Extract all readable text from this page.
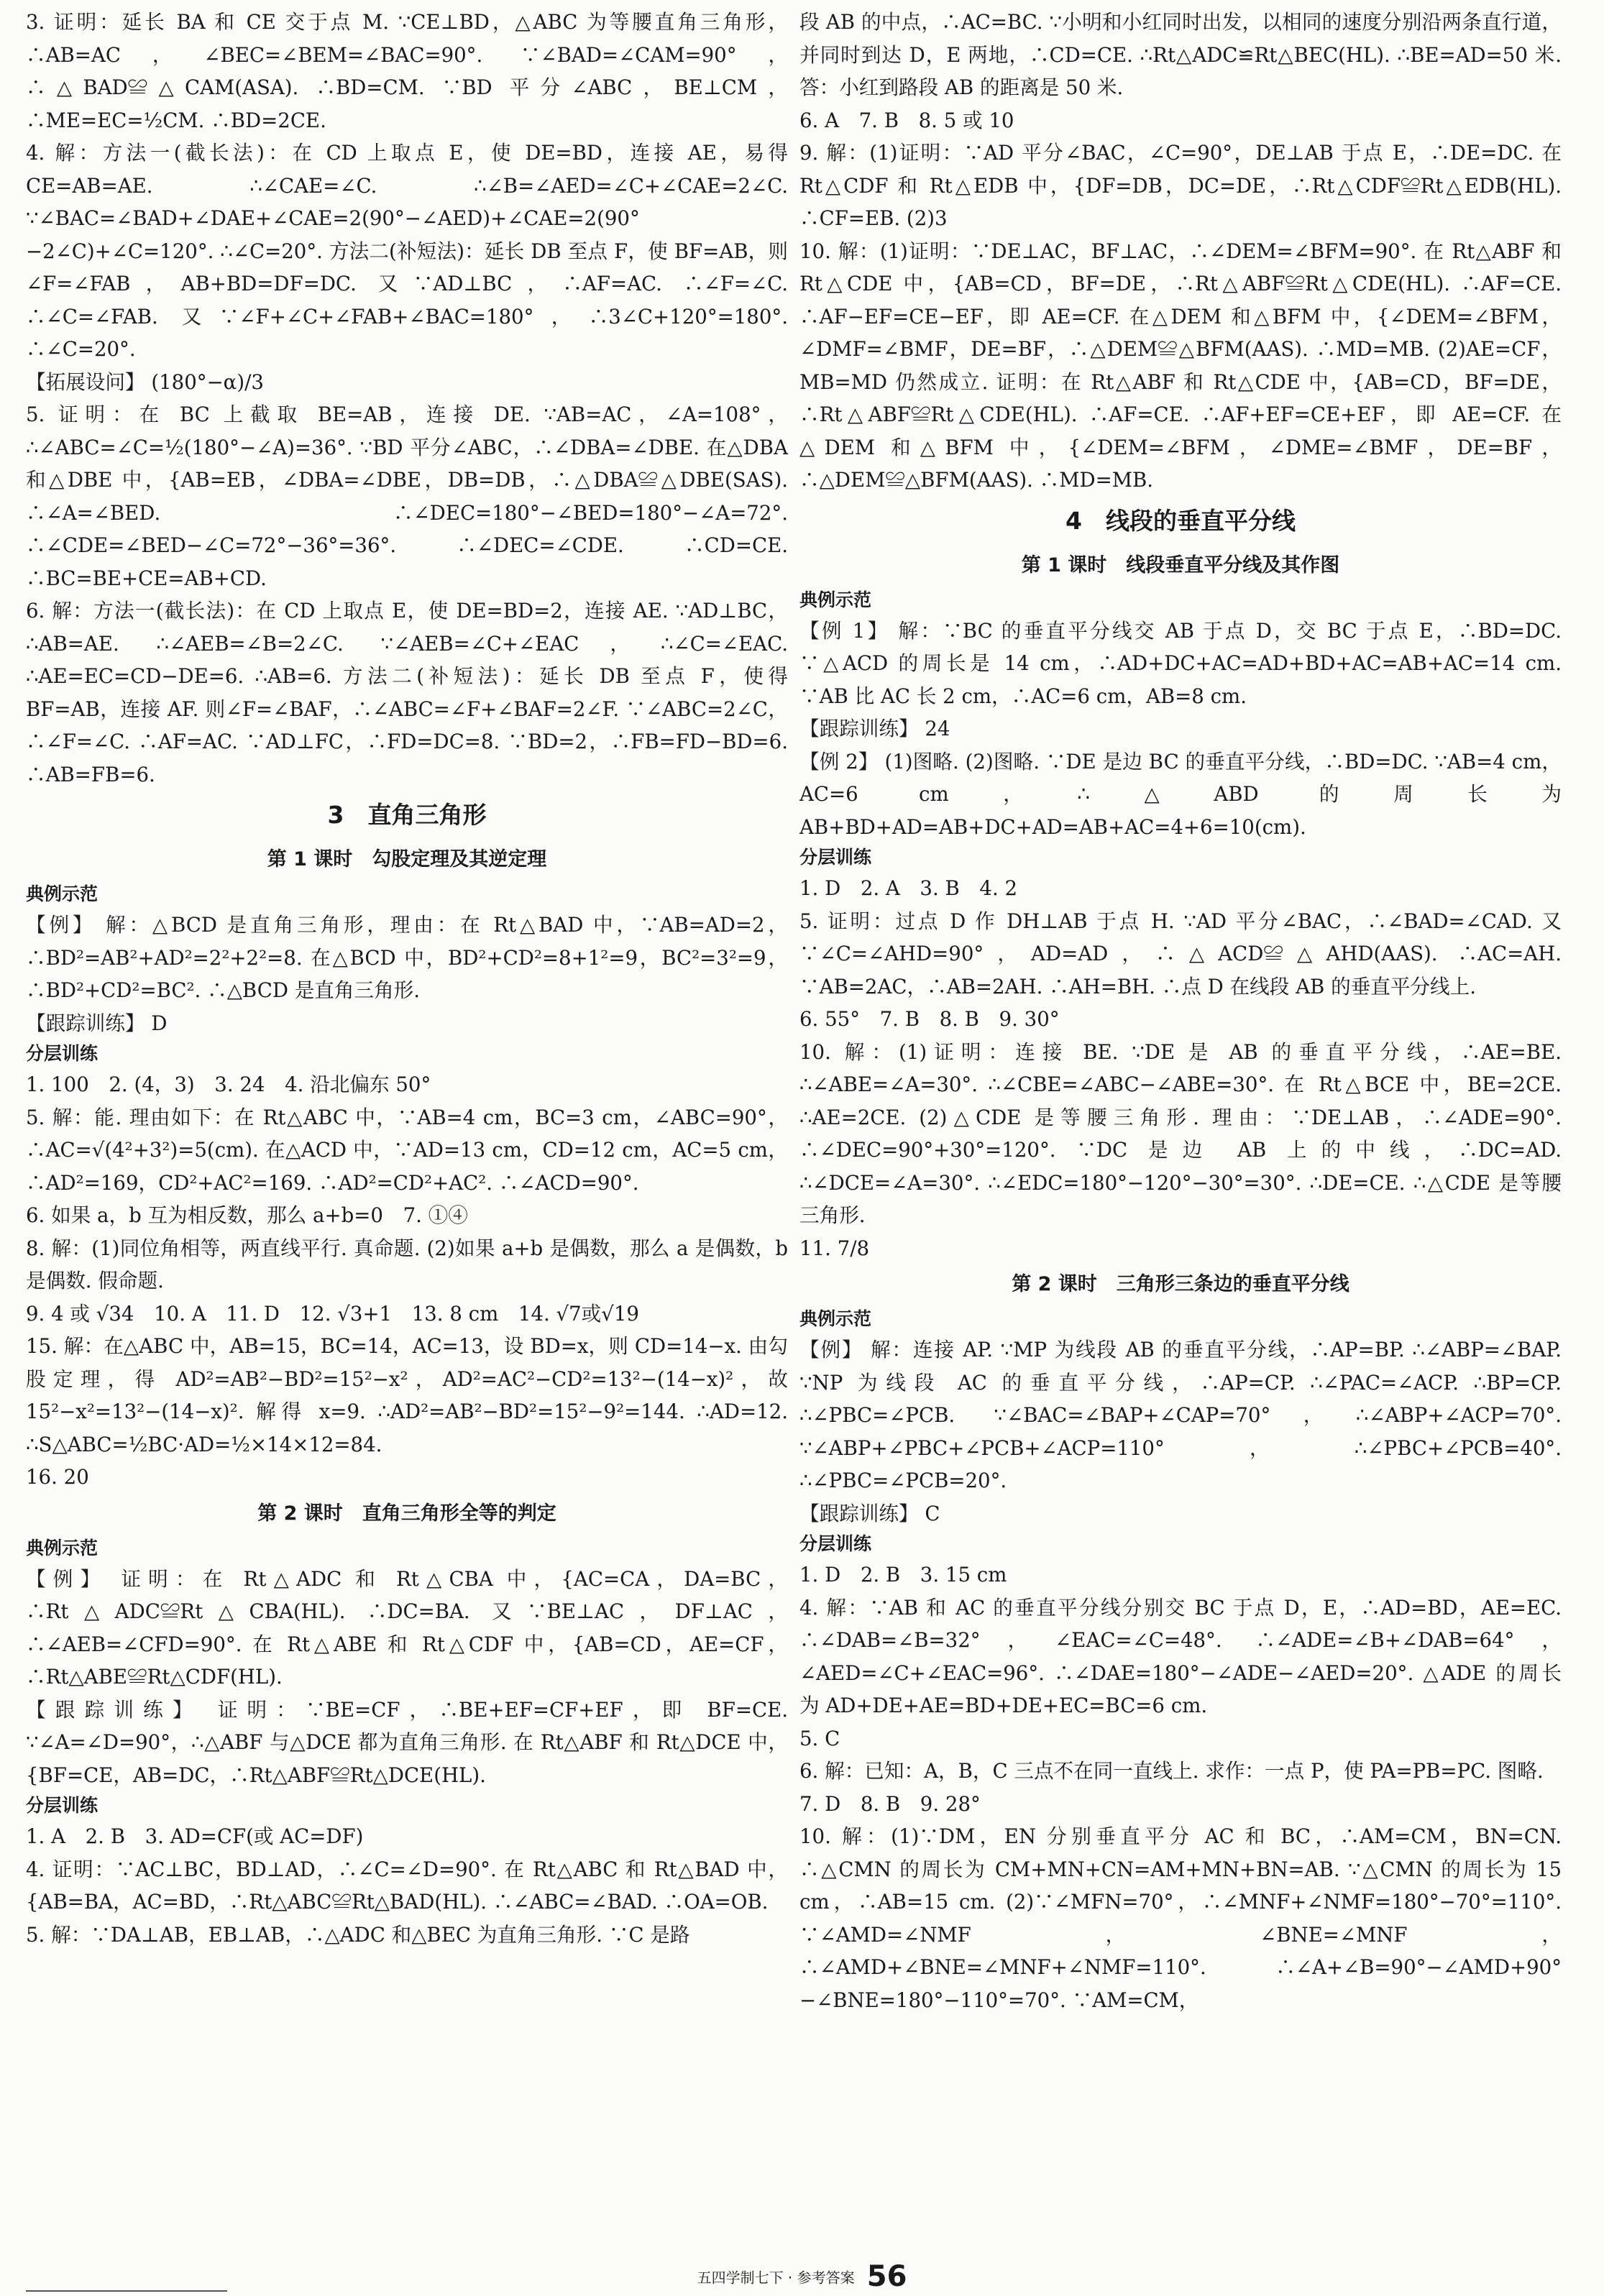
3. 证明：延长 BA 和 CE 交于点 M. ∵CE⊥BD，△ABC 为等腰直角三角形，∴AB=AC，∠BEC=∠BEM=∠BAC=90°. ∵∠BAD=∠CAM=90°，∴△BAD≌△CAM(ASA). ∴BD=CM. ∵BD 平分∠ABC，BE⊥CM，∴ME=EC=½CM. ∴BD=2CE.
4. 解：方法一(截长法)：在 CD 上取点 E，使 DE=BD，连接 AE，易得 CE=AB=AE. ∴∠CAE=∠C. ∴∠B=∠AED=∠C+∠CAE=2∠C. ∵∠BAC=∠BAD+∠DAE+∠CAE=2(90°−∠AED)+∠CAE=2(90°−2∠C)+∠C=120°. ∴∠C=20°. 方法二(补短法)：延长 DB 至点 F，使 BF=AB，则∠F=∠FAB，AB+BD=DF=DC. 又∵AD⊥BC，∴AF=AC. ∴∠F=∠C. ∴∠C=∠FAB. 又∵∠F+∠C+∠FAB+∠BAC=180°，∴3∠C+120°=180°. ∴∠C=20°.
【拓展设问】 (180°−α)/3
5. 证明：在 BC 上截取 BE=AB，连接 DE. ∵AB=AC，∠A=108°，∴∠ABC=∠C=½(180°−∠A)=36°. ∵BD 平分∠ABC，∴∠DBA=∠DBE. 在△DBA 和△DBE 中，{AB=EB，∠DBA=∠DBE，DB=DB，∴△DBA≌△DBE(SAS). ∴∠A=∠BED. ∴∠DEC=180°−∠BED=180°−∠A=72°. ∴∠CDE=∠BED−∠C=72°−36°=36°. ∴∠DEC=∠CDE. ∴CD=CE. ∴BC=BE+CE=AB+CD.
6. 解：方法一(截长法)：在 CD 上取点 E，使 DE=BD=2，连接 AE. ∵AD⊥BC，∴AB=AE. ∴∠AEB=∠B=2∠C. ∵∠AEB=∠C+∠EAC，∴∠C=∠EAC. ∴AE=EC=CD−DE=6. ∴AB=6. 方法二(补短法)：延长 DB 至点 F，使得 BF=AB，连接 AF. 则∠F=∠BAF，∴∠ABC=∠F+∠BAF=2∠F. ∵∠ABC=2∠C，∴∠F=∠C. ∴AF=AC. ∵AD⊥FC，∴FD=DC=8. ∵BD=2，∴FB=FD−BD=6. ∴AB=FB=6.
3　直角三角形
第 1 课时　勾股定理及其逆定理
典例示范
【例】 解：△BCD 是直角三角形，理由：在 Rt△BAD 中，∵AB=AD=2，∴BD²=AB²+AD²=2²+2²=8. 在△BCD 中，BD²+CD²=8+1²=9，BC²=3²=9，∴BD²+CD²=BC². ∴△BCD 是直角三角形.
【跟踪训练】 D
分层训练
1. 100　2. (4，3)　3. 24　4. 沿北偏东 50°
5. 解：能. 理由如下：在 Rt△ABC 中，∵AB=4 cm，BC=3 cm，∠ABC=90°，∴AC=√(4²+3²)=5(cm). 在△ACD 中，∵AD=13 cm，CD=12 cm，AC=5 cm，∴AD²=169，CD²+AC²=169. ∴AD²=CD²+AC². ∴∠ACD=90°.
6. 如果 a，b 互为相反数，那么 a+b=0　7. ①④
8. 解：(1)同位角相等，两直线平行. 真命题. (2)如果 a+b 是偶数，那么 a 是偶数，b 是偶数. 假命题.
9. 4 或 √34　10. A　11. D　12. √3+1　13. 8 cm　14. √7或√19
15. 解：在△ABC 中，AB=15，BC=14，AC=13，设 BD=x，则 CD=14−x. 由勾股定理，得 AD²=AB²−BD²=15²−x²，AD²=AC²−CD²=13²−(14−x)²，故 15²−x²=13²−(14−x)². 解得 x=9. ∴AD²=AB²−BD²=15²−9²=144. ∴AD=12. ∴S△ABC=½BC·AD=½×14×12=84.
16. 20
第 2 课时　直角三角形全等的判定
典例示范
【例】 证明：在 Rt△ADC 和 Rt△CBA 中，{AC=CA，DA=BC，∴Rt△ADC≌Rt△CBA(HL). ∴DC=BA. 又∵BE⊥AC，DF⊥AC，∴∠AEB=∠CFD=90°. 在 Rt△ABE 和 Rt△CDF 中，{AB=CD，AE=CF，∴Rt△ABE≌Rt△CDF(HL).
【跟踪训练】 证明：∵BE=CF，∴BE+EF=CF+EF，即 BF=CE. ∵∠A=∠D=90°，∴△ABF 与△DCE 都为直角三角形. 在 Rt△ABF 和 Rt△DCE 中，{BF=CE，AB=DC，∴Rt△ABF≌Rt△DCE(HL).
分层训练
1. A　2. B　3. AD=CF(或 AC=DF)
4. 证明：∵AC⊥BC，BD⊥AD，∴∠C=∠D=90°. 在 Rt△ABC 和 Rt△BAD 中，{AB=BA，AC=BD，∴Rt△ABC≌Rt△BAD(HL). ∴∠ABC=∠BAD. ∴OA=OB.
5. 解：∵DA⊥AB，EB⊥AB，∴△ADC 和△BEC 为直角三角形. ∵C 是路
段 AB 的中点，∴AC=BC. ∵小明和小红同时出发，以相同的速度分别沿两条直行道，并同时到达 D，E 两地，∴CD=CE. ∴Rt△ADC≌Rt△BEC(HL). ∴BE=AD=50 米. 答：小红到路段 AB 的距离是 50 米.
6. A　7. B　8. 5 或 10
9. 解：(1)证明：∵AD 平分∠BAC，∠C=90°，DE⊥AB 于点 E，∴DE=DC. 在 Rt△CDF 和 Rt△EDB 中，{DF=DB，DC=DE，∴Rt△CDF≌Rt△EDB(HL). ∴CF=EB. (2)3
10. 解：(1)证明：∵DE⊥AC，BF⊥AC，∴∠DEM=∠BFM=90°. 在 Rt△ABF 和 Rt△CDE 中，{AB=CD，BF=DE，∴Rt△ABF≌Rt△CDE(HL). ∴AF=CE. ∴AF−EF=CE−EF，即 AE=CF. 在△DEM 和△BFM 中，{∠DEM=∠BFM，∠DMF=∠BMF，DE=BF，∴△DEM≌△BFM(AAS). ∴MD=MB. (2)AE=CF，MB=MD 仍然成立. 证明：在 Rt△ABF 和 Rt△CDE 中，{AB=CD，BF=DE，∴Rt△ABF≌Rt△CDE(HL). ∴AF=CE. ∴AF+EF=CE+EF，即 AE=CF. 在△DEM 和△BFM 中，{∠DEM=∠BFM，∠DME=∠BMF，DE=BF，∴△DEM≌△BFM(AAS). ∴MD=MB.
4　线段的垂直平分线
第 1 课时　线段垂直平分线及其作图
典例示范
【例 1】 解：∵BC 的垂直平分线交 AB 于点 D，交 BC 于点 E，∴BD=DC. ∵△ACD 的周长是 14 cm，∴AD+DC+AC=AD+BD+AC=AB+AC=14 cm. ∵AB 比 AC 长 2 cm，∴AC=6 cm，AB=8 cm.
【跟踪训练】 24
【例 2】 (1)图略. (2)图略. ∵DE 是边 BC 的垂直平分线，∴BD=DC. ∵AB=4 cm，AC=6 cm，∴△ABD 的周长为 AB+BD+AD=AB+DC+AD=AB+AC=4+6=10(cm).
分层训练
1. D　2. A　3. B　4. 2
5. 证明：过点 D 作 DH⊥AB 于点 H. ∵AD 平分∠BAC，∴∠BAD=∠CAD. 又∵∠C=∠AHD=90°，AD=AD，∴△ACD≌△AHD(AAS). ∴AC=AH. ∵AB=2AC，∴AB=2AH. ∴AH=BH. ∴点 D 在线段 AB 的垂直平分线上.
6. 55°　7. B　8. B　9. 30°
10. 解：(1)证明：连接 BE. ∵DE 是 AB 的垂直平分线，∴AE=BE. ∴∠ABE=∠A=30°. ∴∠CBE=∠ABC−∠ABE=30°. 在 Rt△BCE 中，BE=2CE. ∴AE=2CE. (2)△CDE 是等腰三角形. 理由：∵DE⊥AB，∴∠ADE=90°. ∴∠DEC=90°+30°=120°. ∵DC 是边 AB 上的中线，∴DC=AD. ∴∠DCE=∠A=30°. ∴∠EDC=180°−120°−30°=30°. ∴DE=CE. ∴△CDE 是等腰三角形.
11. 7/8
第 2 课时　三角形三条边的垂直平分线
典例示范
【例】 解：连接 AP. ∵MP 为线段 AB 的垂直平分线，∴AP=BP. ∴∠ABP=∠BAP. ∵NP 为线段 AC 的垂直平分线，∴AP=CP. ∴∠PAC=∠ACP. ∴BP=CP. ∴∠PBC=∠PCB. ∵∠BAC=∠BAP+∠CAP=70°，∴∠ABP+∠ACP=70°. ∵∠ABP+∠PBC+∠PCB+∠ACP=110°，∴∠PBC+∠PCB=40°. ∴∠PBC=∠PCB=20°.
【跟踪训练】 C
分层训练
1. D　2. B　3. 15 cm
4. 解：∵AB 和 AC 的垂直平分线分别交 BC 于点 D，E，∴AD=BD，AE=EC. ∴∠DAB=∠B=32°，∠EAC=∠C=48°. ∴∠ADE=∠B+∠DAB=64°，∠AED=∠C+∠EAC=96°. ∴∠DAE=180°−∠ADE−∠AED=20°. △ADE 的周长为 AD+DE+AE=BD+DE+EC=BC=6 cm.
5. C
6. 解：已知：A，B，C 三点不在同一直线上. 求作：一点 P，使 PA=PB=PC. 图略.
7. D　8. B　9. 28°
10. 解：(1)∵DM，EN 分别垂直平分 AC 和 BC，∴AM=CM，BN=CN. ∴△CMN 的周长为 CM+MN+CN=AM+MN+BN=AB. ∵△CMN 的周长为 15 cm，∴AB=15 cm. (2)∵∠MFN=70°，∴∠MNF+∠NMF=180°−70°=110°. ∵∠AMD=∠NMF，∠BNE=∠MNF，∴∠AMD+∠BNE=∠MNF+∠NMF=110°. ∴∠A+∠B=90°−∠AMD+90°−∠BNE=180°−110°=70°. ∵AM=CM，
五四学制七下 · 参考答案 56
